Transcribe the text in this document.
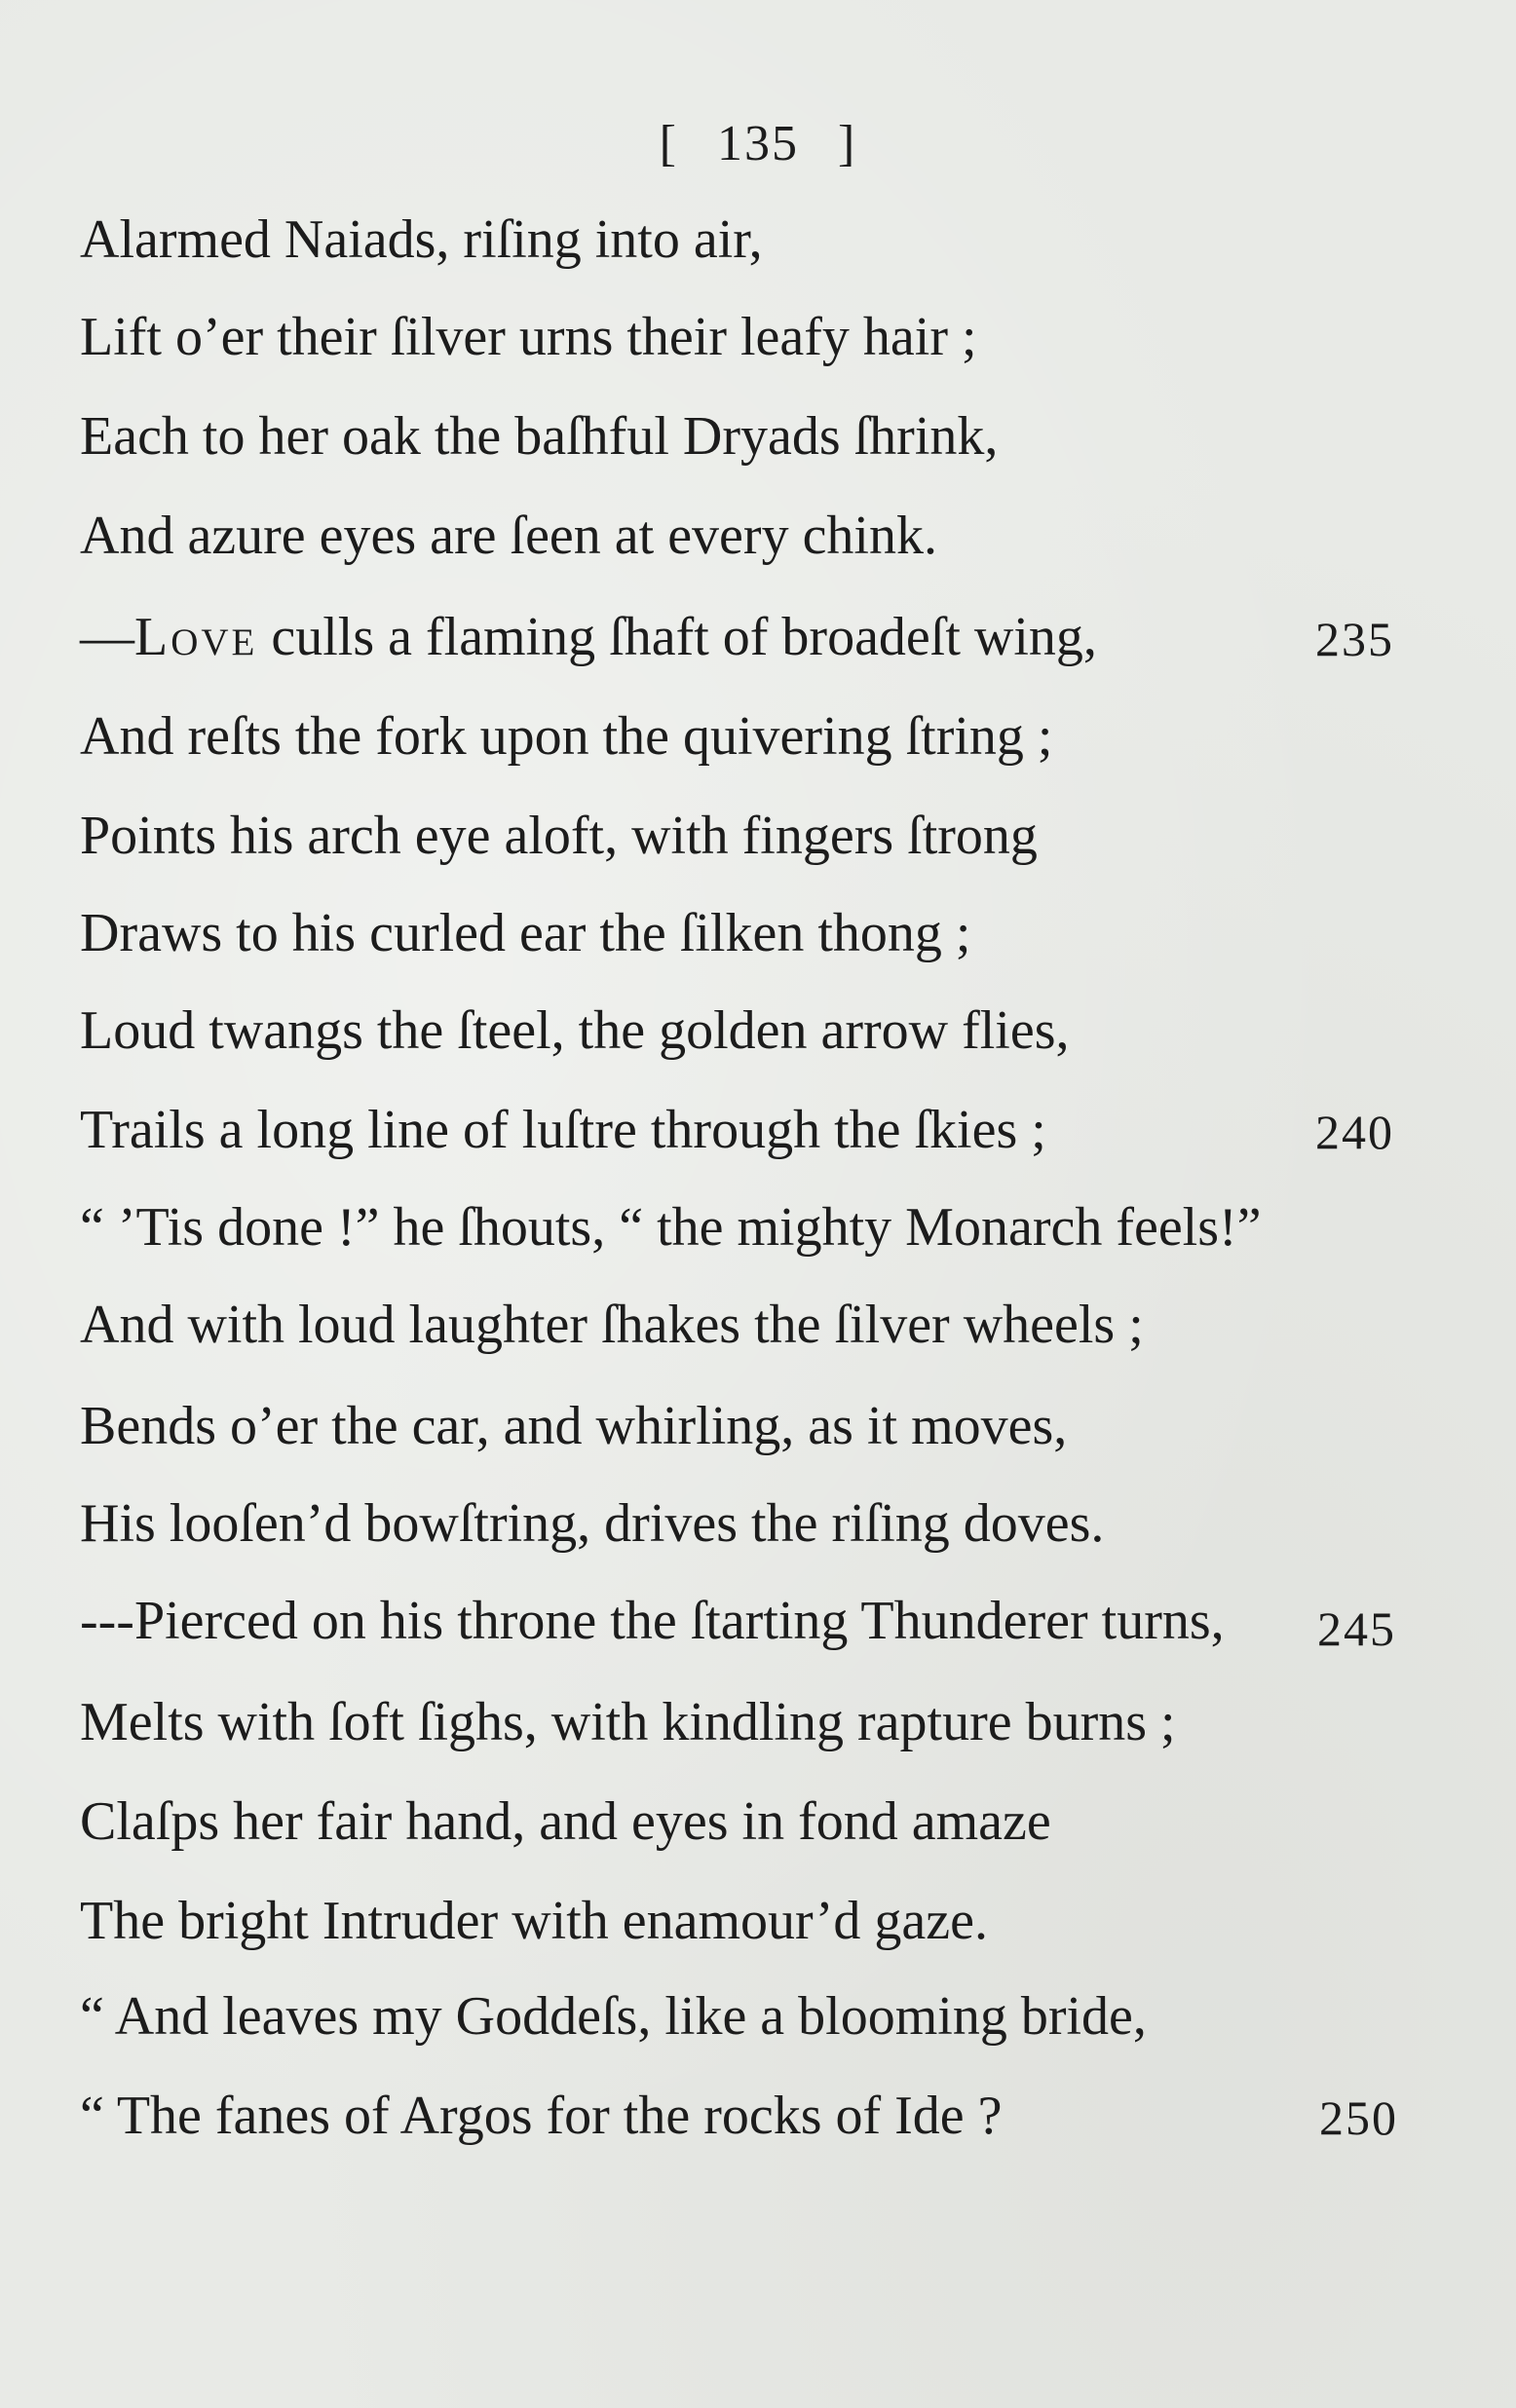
[ 135 ]
Alarmed Naiads, riſing into air,
Lift o’er their ſilver urns their leafy hair ;
Each to her oak the baſhful Dryads ſhrink,
And azure eyes are ſeen at every chink.
—Love culls a flaming ſhaft of broadeſt wing,	235
And reſts the fork upon the quivering ſtring ;
Points his arch eye aloft, with fingers ſtrong
Draws to his curled ear the ſilken thong ;
Loud twangs the ſteel, the golden arrow flies,
Trails a long line of luſtre through the ſkies ;	240
“ ’Tis done !” he ſhouts, “ the mighty Monarch feels!”
And with loud laughter ſhakes the ſilver wheels ;
Bends o’er the car, and whirling, as it moves,
His looſen’d bowſtring, drives the riſing doves.
---Pierced on his throne the ſtarting Thunderer turns, 245
Melts with ſoft ſighs, with kindling rapture burns ;
Claſps her fair hand, and eyes in fond amaze
The bright Intruder with enamour’d gaze.
“ And leaves my Goddeſs, like a blooming bride,
“ The fanes of Argos for the rocks of Ide ?	250
